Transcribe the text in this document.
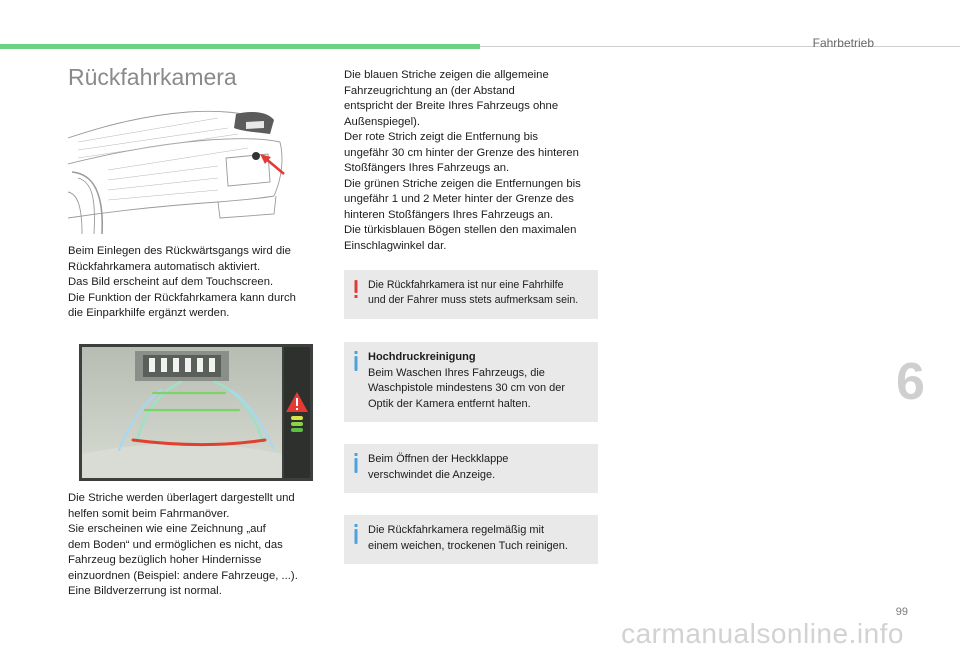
Fahrbetrieb
Rückfahrkamera
Beim Einlegen des Rückwärtsgangs wird die
Rückfahrkamera automatisch aktiviert.
Das Bild erscheint auf dem Touchscreen.
Die Funktion der Rückfahrkamera kann durch
die Einparkhilfe ergänzt werden.
Die Striche werden überlagert dargestellt und
helfen somit beim Fahrmanöver.
Sie erscheinen wie eine Zeichnung „auf
dem Boden“ und ermöglichen es nicht, das
Fahrzeug bezüglich hoher Hindernisse
einzuordnen (Beispiel: andere Fahrzeuge, ...).
Eine Bildverzerrung ist normal.
Die blauen Striche zeigen die allgemeine
Fahrzeugrichtung an (der Abstand
entspricht der Breite Ihres Fahrzeugs ohne
Außenspiegel).
Der rote Strich zeigt die Entfernung bis
ungefähr 30 cm hinter der Grenze des hinteren
Stoßfängers Ihres Fahrzeugs an.
Die grünen Striche zeigen die Entfernungen bis
ungefähr 1 und 2 Meter hinter der Grenze des
hinteren Stoßfängers Ihres Fahrzeugs an.
Die türkisblauen Bögen stellen den maximalen
Einschlagwinkel dar.
Die Rückfahrkamera ist nur eine Fahrhilfe
und der Fahrer muss stets aufmerksam sein.
Hochdruckreinigung
Beim Waschen Ihres Fahrzeugs, die
Waschpistole mindestens 30 cm von der
Optik der Kamera entfernt halten.
Beim Öffnen der Heckklappe
verschwindet die Anzeige.
Die Rückfahrkamera regelmäßig mit
einem weichen, trockenen Tuch reinigen.
6
99
carmanualsonline.info
